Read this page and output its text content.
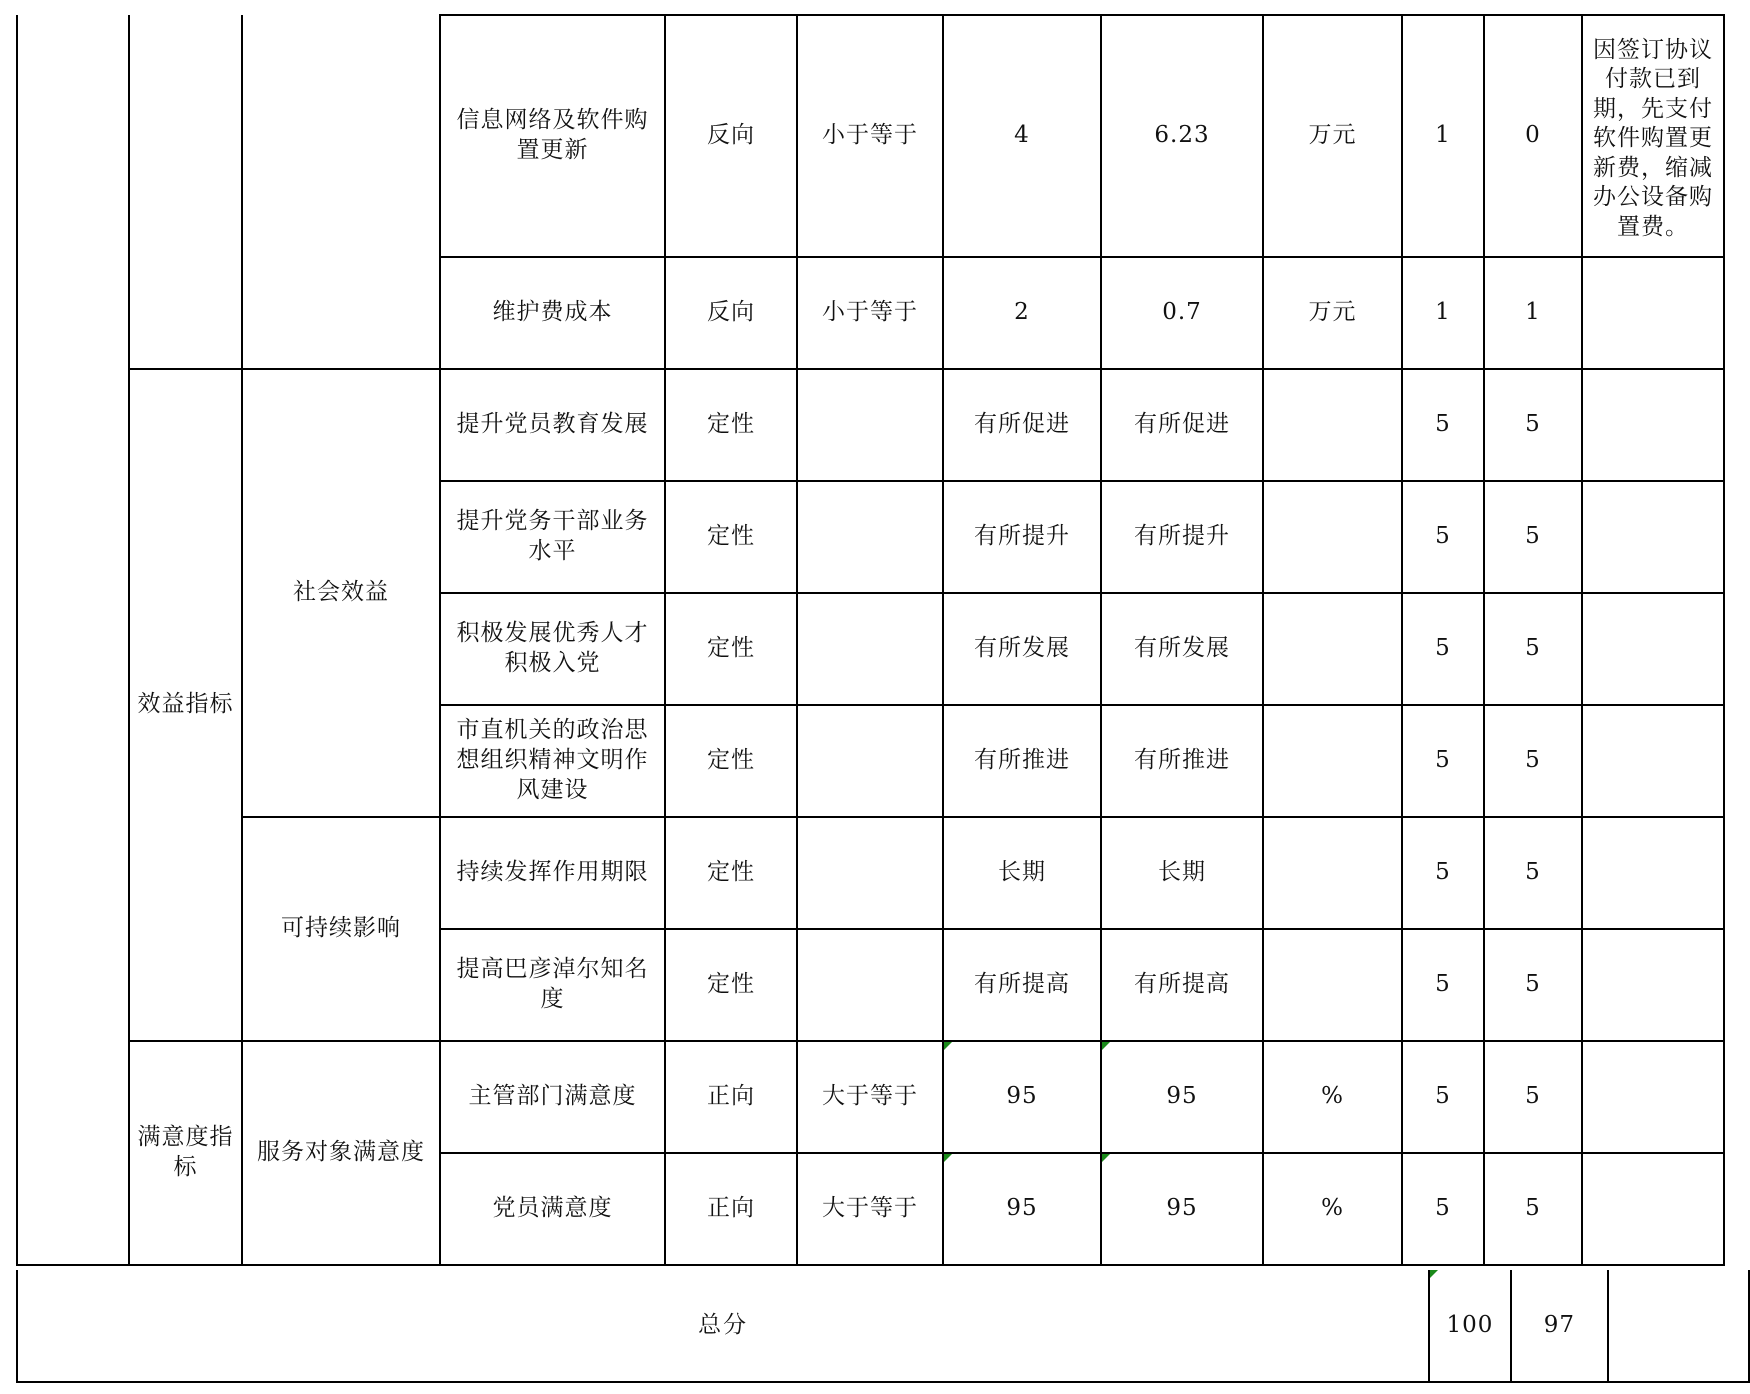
			信息网络及软件购置更新	反向	小于等于	4	6.23	万元	1	0	因签订协议付款已到期，先支付软件购置更新费，缩减办公设备购置费。
			维护费成本	反向	小于等于	2	0.7	万元	1	1	
	效益指标	社会效益	提升党员教育发展	定性		有所促进	有所促进		5	5	
			提升党务干部业务水平	定性		有所提升	有所提升		5	5	
			积极发展优秀人才积极入党	定性		有所发展	有所发展		5	5	
			市直机关的政治思想组织精神文明作风建设	定性		有所推进	有所推进		5	5	
		可持续影响	持续发挥作用期限	定性		长期	长期		5	5	
			提高巴彦淖尔知名度	定性		有所提高	有所提高		5	5	
	满意度指标	服务对象满意度	主管部门满意度	正向	大于等于	95	95	%	5	5	
			党员满意度	正向	大于等于	95	95	%	5	5	
总分	100	97	
